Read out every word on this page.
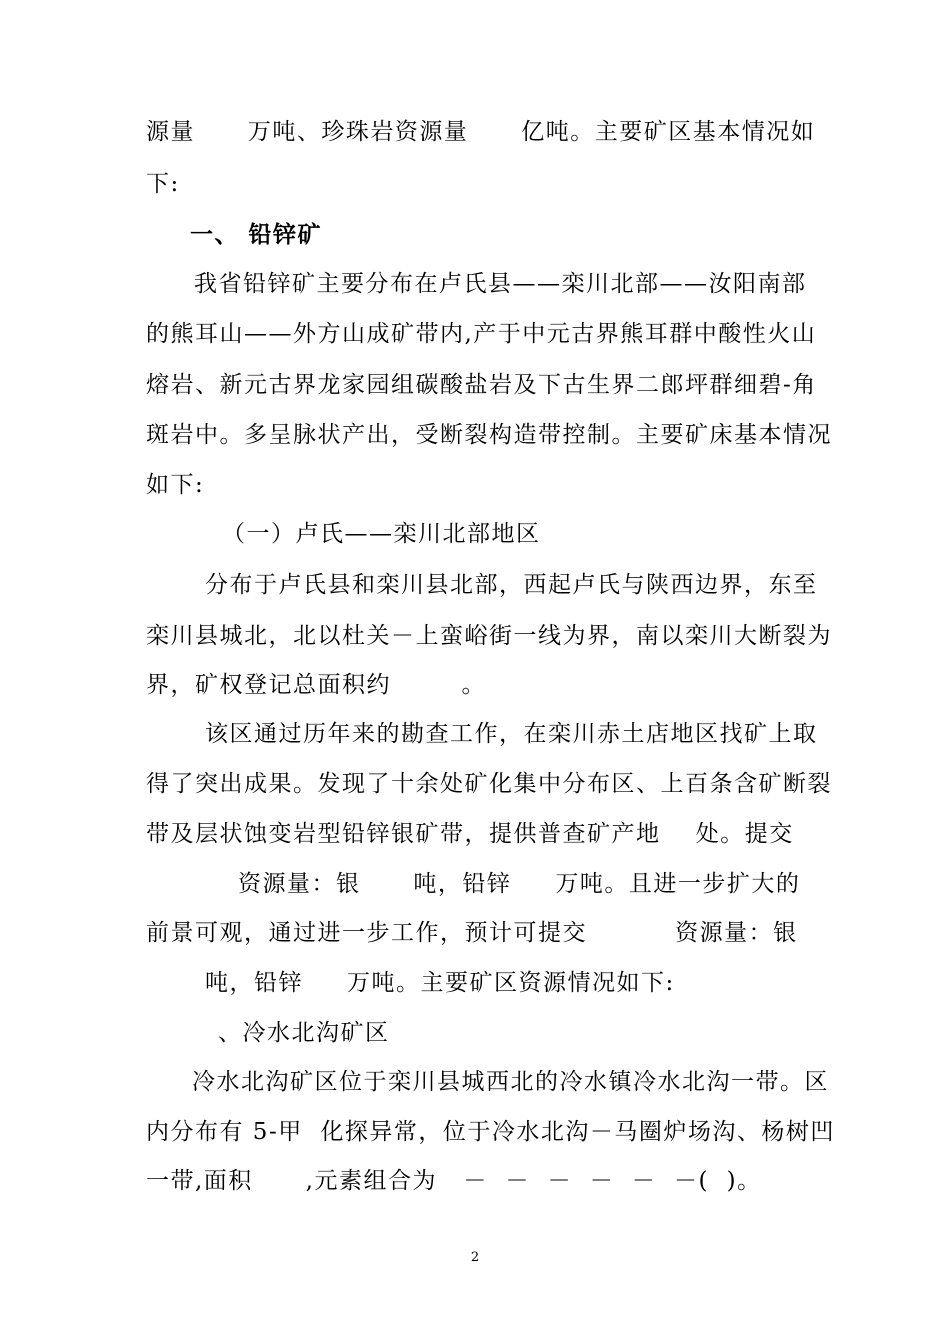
源量      万吨、珍珠岩资源量      亿吨。主要矿区基本情况如
下:
一、 铅锌矿
我省铅锌矿主要分布在卢氏县——栾川北部——汝阳南部
的熊耳山——外方山成矿带内,产于中元古界熊耳群中酸性火山
熔岩、新元古界龙家园组碳酸盐岩及下古生界二郎坪群细碧-角
斑岩中。多呈脉状产出，受断裂构造带控制。主要矿床基本情况
如下:
（一）卢氏——栾川北部地区
分布于卢氏县和栾川县北部，西起卢氏与陕西边界，东至
栾川县城北，北以杜关－上蛮峪街一线为界，南以栾川大断裂为
界，矿权登记总面积约        。
该区通过历年来的勘查工作，在栾川赤土店地区找矿上取
得了突出成果。发现了十余处矿化集中分布区、上百条含矿断裂
带及层状蚀变岩型铅锌银矿带，提供普查矿产地    处。提交
资源量：银      吨，铅锌     万吨。且进一步扩大的
前景可观，通过进一步工作，预计可提交          资源量：银
吨，铅锌     万吨。主要矿区资源情况如下:
、冷水北沟矿区
冷水北沟矿区位于栾川县城西北的冷水镇冷水北沟一带。区
内分布有 5-甲  化探异常，位于冷水北沟－马圈炉场沟、杨树凹
一带,面积      ,元素组合为   －  －  －  －  －  －(  )。
2
